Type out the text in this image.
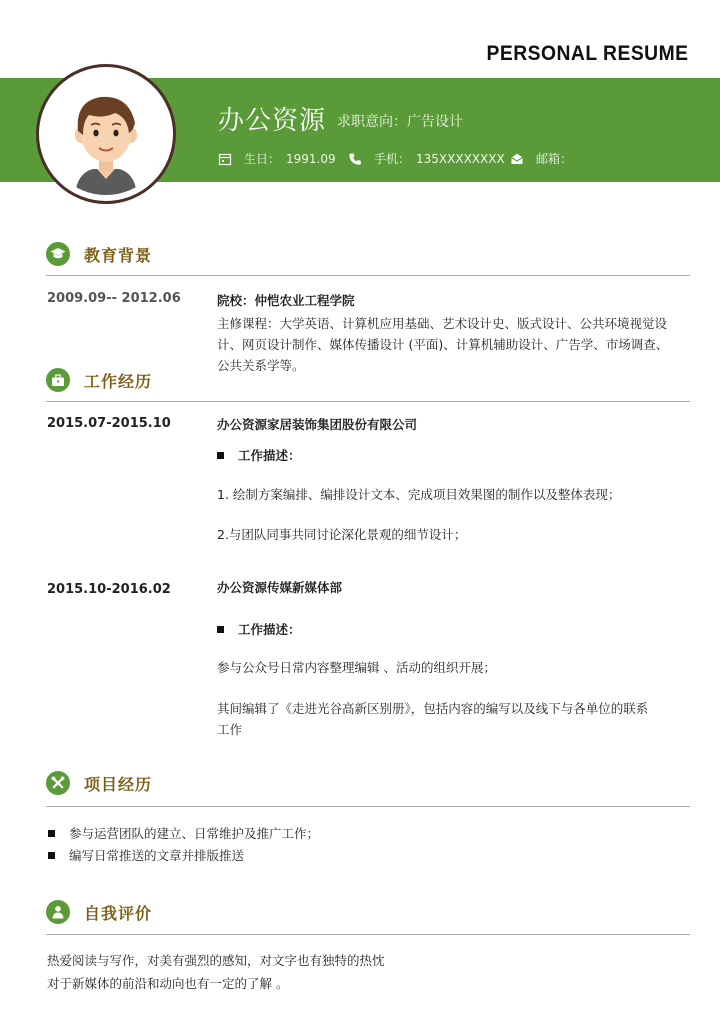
PERSONAL RESUME
办公资源 求职意向：广告设计
生日： 1991.09	手机： 135XXXXXXXX	邮箱：
教育背景
2009.09-- 2012.06	院校：仲恺农业工程学院
主修课程：大学英语、计算机应用基础、艺术设计史、版式设计、公共环境视觉设
计、网页设计制作、媒体传播设计 (平面)、计算机辅助设计、广告学、市场调查、
公共关系学等。
工作经历
2015.07-2015.10	办公资源家居装饰集团股份有限公司
工作描述：
1. 绘制方案编排、编排设计文本、完成项目效果图的制作以及整体表现；
2.与团队同事共同讨论深化景观的细节设计；
2015.10-2016.02	办公资源传媒新媒体部
工作描述：
参与公众号日常内容整理编辑 、活动的组织开展；
其间编辑了《走进光谷高新区别册》，包括内容的编写以及线下与各单位的联系
工作
项目经历
参与运营团队的建立、日常维护及推广工作；
编写日常推送的文章并排版推送
自我评价
热爱阅读与写作，对美有强烈的感知，对文字也有独特的热忱
对于新媒体的前沿和动向也有一定的了解 。
